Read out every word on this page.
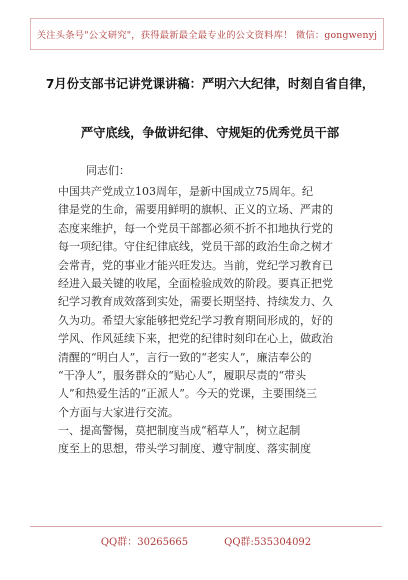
关注头条号"公文研究"，获得最新最全最专业的公文资料库！ 微信：gongwenyj
7月份支部书记讲党课讲稿：严明六大纪律，时刻自省自律，
严守底线，争做讲纪律、守规矩的优秀党员干部
同志们：
中国共产党成立103周年，是新中国成立75周年。纪
律是党的生命，需要用鲜明的旗帜、正义的立场、严肃的
态度来维护，每一个党员干部都必须不折不扣地执行党的
每一项纪律。守住纪律底线，党员干部的政治生命之树才
会常青，党的事业才能兴旺发达。当前，党纪学习教育已
经进入最关键的收尾，全面检验成效的阶段。要真正把党
纪学习教育成效落到实处，需要长期坚持、持续发力、久
久为功。希望大家能够把党纪学习教育期间形成的，好的
学风、作风延续下来，把党的纪律时刻印在心上，做政治
清醒的“明白人”，言行一致的“老实人”，廉洁奉公的
“干净人”，服务群众的“贴心人”，履职尽责的“带头
人”和热爱生活的“正派人”。今天的党课，主要围绕三
个方面与大家进行交流。
一、提高警惕，莫把制度当成“稻草人”，树立起制
度至上的思想，带头学习制度、遵守制度、落实制度
QQ群：30265665	QQ群:535304092
